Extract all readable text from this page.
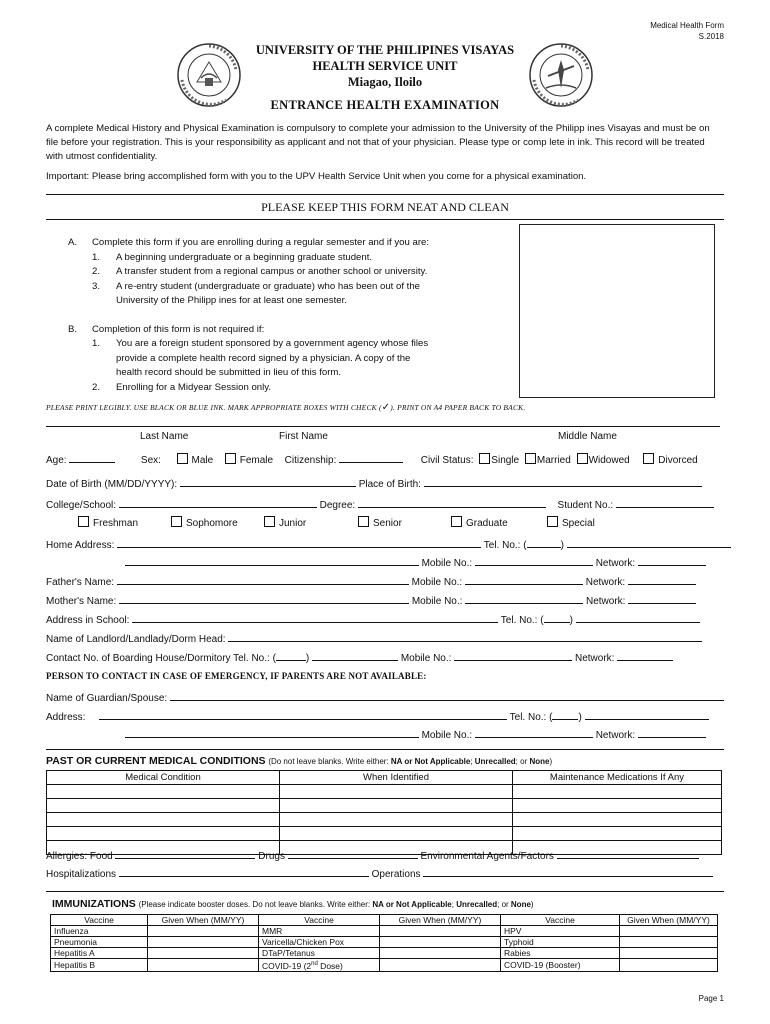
Medical Health Form
S.2018
UNIVERSITY OF THE PHILIPINES VISAYAS
HEALTH SERVICE UNIT
Miagao, Iloilo
ENTRANCE HEALTH EXAMINATION
A complete Medical History and Physical Examination is compulsory to complete your admission to the University of the Philipp ines Visayas and must be on file before your registration. This is your responsibility as applicant and not that of your physician. Please type or comp lete in ink. This record will be treated with utmost confidentiality.
Important: Please bring accomplished form with you to the UPV Health Service Unit when you come for a physical examination.
PLEASE KEEP THIS FORM NEAT AND CLEAN
A. Complete this form if you are enrolling during a regular semester and if you are:
1. A beginning undergraduate or a beginning graduate student.
2. A transfer student from a regional campus or another school or university.
3. A re-entry student (undergraduate or graduate) who has been out of the
University of the Philipp ines for at least one semester.
B. Completion of this form is not required if:
1. You are a foreign student sponsored by a government agency whose files
provide a complete health record signed by a physician. A copy of the
health record should be submitted in lieu of this form.
2. Enrolling for a Midyear Session only.
PLEASE PRINT LEGIBLY. USE BLACK OR BLUE INK. MARK APPROPRIATE BOXES WITH CHECK (✓). PRINT ON A4 PAPER BACK TO BACK.
Last Name	First Name	Middle Name
Age:	Sex:	Male	Female Citizenship:	Civil Status: Single Married Widowed	Divorced
Date of Birth (MM/DD/YYYY):	Place of Birth:
College/School:	Degree:	Student No.:
Freshman	Sophomore	Junior	Senior	Graduate	Special
Home Address:	Tel. No.: (	)
Mobile No.:	Network:
Father's Name:	Mobile No.:	Network:
Mother's Name:	Mobile No.:	Network:
Address in School:	Tel. No.: (	)
Name of Landlord/Landlady/Dorm Head:
Contact No. of Boarding House/Dormitory Tel. No.: (	)	Mobile No.:	Network:
PERSON TO CONTACT IN CASE OF EMERGENCY, IF PARENTS ARE NOT AVAILABLE:
Name of Guardian/Spouse:
Address:	Tel. No.: (	)
Mobile No.:	Network:
PAST OR CURRENT MEDICAL CONDITIONS (Do not leave blanks. Write either: NA or Not Applicable; Unrecalled; or None)
Medical Condition	When Identified	Maintenance Medications If Any

Allergies: Food	Drugs	Environmental Agents/Factors
Hospitalizations	Operations
IMMUNIZATIONS (Please indicate booster doses. Do not leave blanks. Write either: NA or Not Applicable; Unrecalled; or None)
Vaccine	Given When (MM/YY)	Vaccine	Given When (MM/YY)	Vaccine	Given When (MM/YY)
Influenza		MMR		HPV	
Pneumonia		Varicella/Chicken Pox		Typhoid	
Hepatitis A		DTaP/Tetanus		Rabies	
Hepatitis B		COVID-19 (2nd Dose)		COVID-19 (Booster)	
Page 1
